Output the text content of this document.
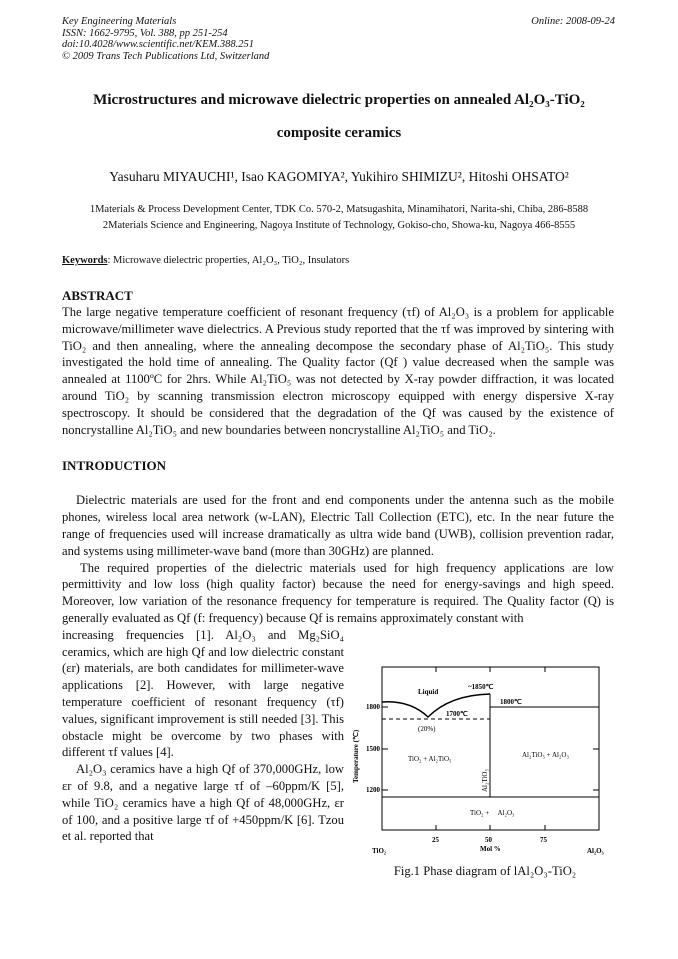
Key Engineering Materials
ISSN: 1662-9795, Vol. 388, pp 251-254
doi:10.4028/www.scientific.net/KEM.388.251
© 2009 Trans Tech Publications Ltd, Switzerland
Online: 2008-09-24
Microstructures and microwave dielectric properties on annealed Al₂O₃-TiO₂
composite ceramics
Yasuharu MIYAUCHI¹, Isao KAGOMIYA², Yukihiro SHIMIZU², Hitoshi OHSATO²
1Materials & Process Development Center, TDK Co. 570-2, Matsugashita, Minamihatori, Narita-shi, Chiba, 286-8588
2Materials Science and Engineering, Nagoya Institute of Technology, Gokiso-cho, Showa-ku, Nagoya 466-8555
Keywords: Microwave dielectric properties, Al₂O₃, TiO₂, Insulators
ABSTRACT
The large negative temperature coefficient of resonant frequency (τf) of Al₂O₃ is a problem for applicable microwave/millimeter wave dielectrics. A Previous study reported that the τf was improved by sintering with TiO₂ and then annealing, where the annealing decompose the secondary phase of Al₂TiO₅. This study investigated the hold time of annealing. The Quality factor (Qf ) value decreased when the sample was annealed at 1100ºC for 2hrs. While Al₂TiO₅ was not detected by X-ray powder diffraction, it was located around TiO₂ by scanning transmission electron microscopy equipped with energy dispersive X-ray spectroscopy. It should be considered that the degradation of the Qf was caused by the existence of noncrystalline Al₂TiO₅ and new boundaries between noncrystalline Al₂TiO₅ and TiO₂.
INTRODUCTION
Dielectric materials are used for the front and end components under the antenna such as the mobile phones, wireless local area network (w-LAN), Electric Tall Collection (ETC), etc. In the near future the range of frequencies used will increase dramatically as ultra wide band (UWB), collision prevention radar, and systems using millimeter-wave band (more than 30GHz) are planned.
The required properties of the dielectric materials used for high frequency applications are low permittivity and low loss (high quality factor) because the need for energy-savings and high speed. Moreover, low variation of the resonance frequency for temperature is required. The Quality factor (Q) is generally evaluated as Qf (f: frequency) because Qf is remains approximately constant with
increasing frequencies [1]. Al₂O₃ and Mg₂SiO₄ ceramics, which are high Qf and low dielectric constant (εr) materials, are both candidates for millimeter-wave applications [2]. However, with large negative temperature coefficient of resonant frequency (τf) values, significant improvement is still needed [3]. This obstacle might be overcome by two phases with different τf values [4].
Al₂O₃ ceramics have a high Qf of 370,000GHz, low εr of 9.8, and a negative large τf of –60ppm/K [5], while TiO₂ ceramics have a high Qf of 48,000GHz, εr of 100, and a positive large τf of +450ppm/K [6]. Tzou et al. reported that
1800
1500
1200
Temperature (℃)
25	50	75
Mol %
TiO₂	Al₂O₃
Liquid
~1850℃
1800℃
1700℃
(20%)
TiO₂ + Al₂TiO₅	Al₂TiO₅ + Al₂O₃
Al₂TiO₅
TiO₂ +     Al₂O₃
Fig.1 Phase diagram of lAl₂O₃-TiO₂
